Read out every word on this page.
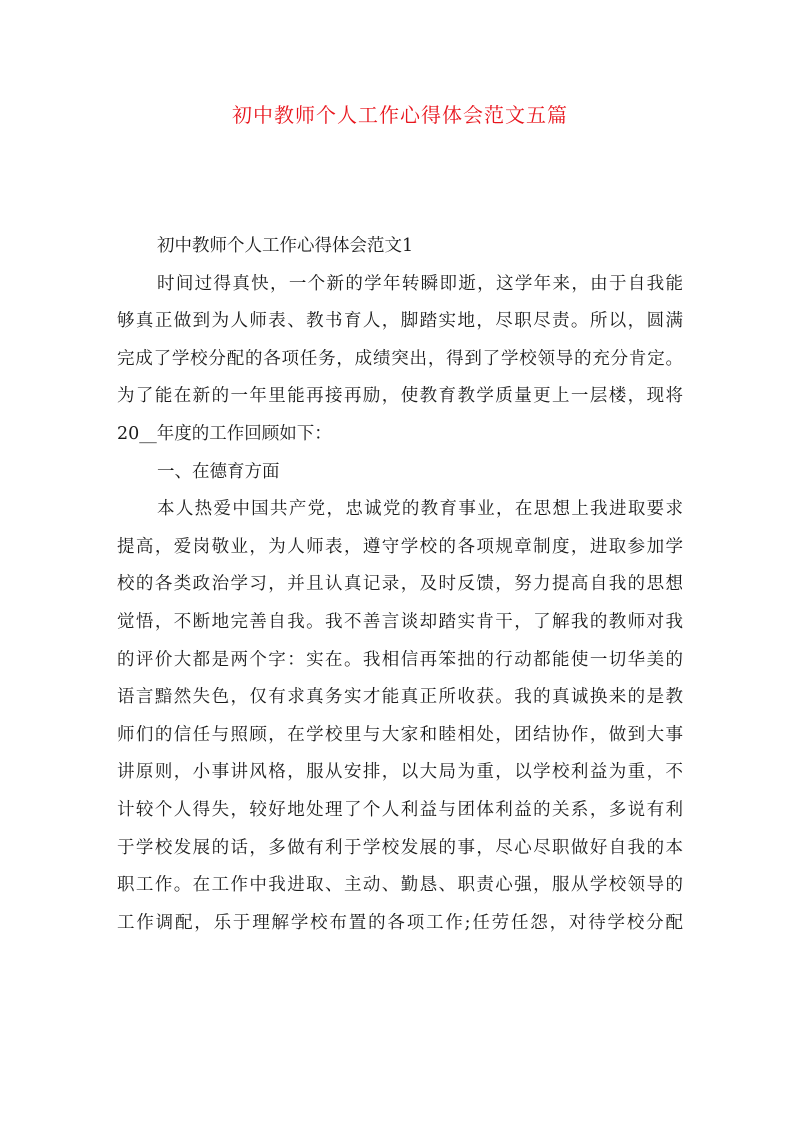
初中教师个人工作心得体会范文五篇
初中教师个人工作心得体会范文1
时间过得真快，一个新的学年转瞬即逝，这学年来，由于自我能
够真正做到为人师表、教书育人，脚踏实地，尽职尽责。所以，圆满
完成了学校分配的各项任务，成绩突出，得到了学校领导的充分肯定。
为了能在新的一年里能再接再励，使教育教学质量更上一层楼，现将
20__年度的工作回顾如下：
一、在德育方面
本人热爱中国共产党，忠诚党的教育事业，在思想上我进取要求
提高，爱岗敬业，为人师表，遵守学校的各项规章制度，进取参加学
校的各类政治学习，并且认真记录，及时反馈，努力提高自我的思想
觉悟，不断地完善自我。我不善言谈却踏实肯干，了解我的教师对我
的评价大都是两个字：实在。我相信再笨拙的行动都能使一切华美的
语言黯然失色，仅有求真务实才能真正所收获。我的真诚换来的是教
师们的信任与照顾，在学校里与大家和睦相处，团结协作，做到大事
讲原则，小事讲风格，服从安排，以大局为重，以学校利益为重，不
计较个人得失，较好地处理了个人利益与团体利益的关系，多说有利
于学校发展的话，多做有利于学校发展的事，尽心尽职做好自我的本
职工作。在工作中我进取、主动、勤恳、职责心强，服从学校领导的
工作调配，乐于理解学校布置的各项工作;任劳任怨，对待学校分配
